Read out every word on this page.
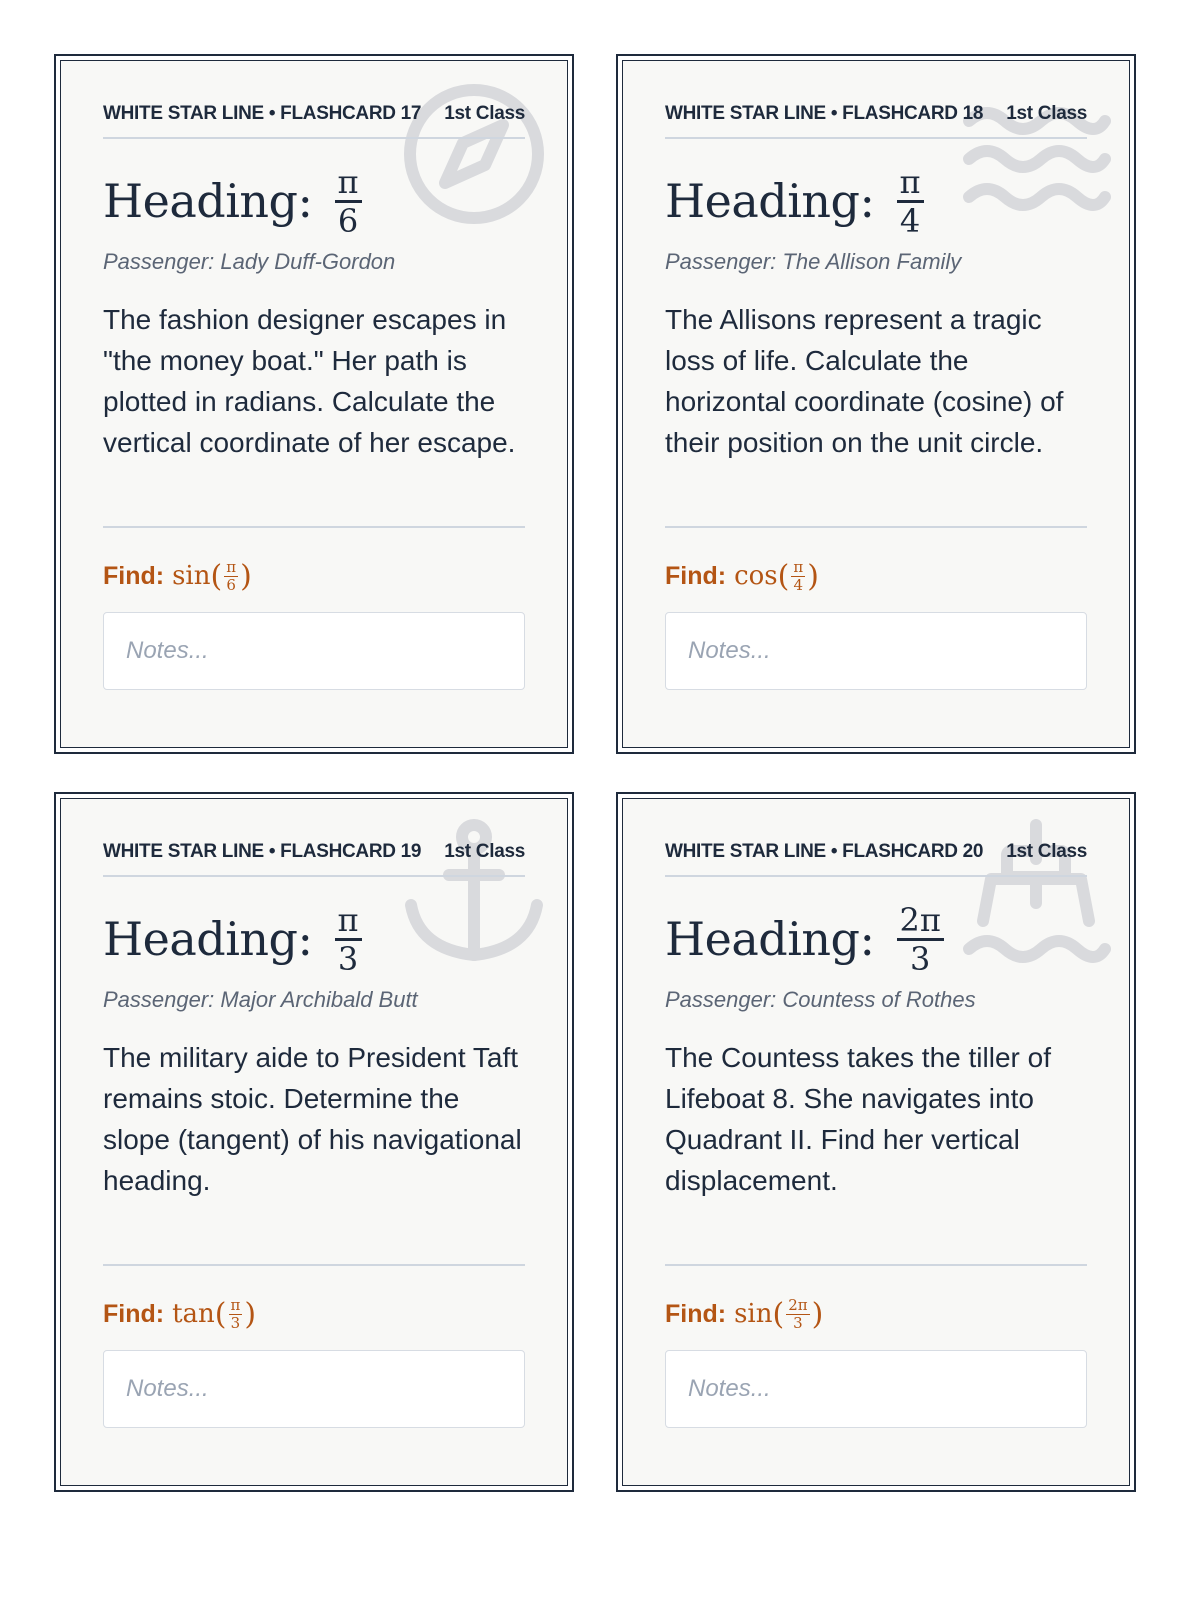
WHITE STAR LINE • FLASHCARD 17 1st Class
Heading: $\frac{\pi}{6}$
Passenger: Lady Duff-Gordon
The fashion designer escapes in "the money boat." Her path is plotted in radians. Calculate the vertical coordinate of her escape.
Find: sin ( $\frac{\pi}{6}$ )
Notes...
WHITE STAR LINE • FLASHCARD 18 1st Class
Heading: $\frac{\pi}{4}$
Passenger: The Allison Family
The Allisons represent a tragic loss of life. Calculate the horizontal coordinate (cosine) of their position on the unit circle.
Find: cos ( $\frac{\pi}{4}$ )
Notes...
WHITE STAR LINE • FLASHCARD 19 1st Class
Heading: $\frac{\pi}{3}$
Passenger: Major Archibald Butt
The military aide to President Taft remains stoic. Determine the slope (tangent) of his navigational heading.
Find: tan ( $\frac{\pi}{3}$ )
Notes...
WHITE STAR LINE • FLASHCARD 20 1st Class
Heading: $\frac{2\pi}{3}$
Passenger: Countess of Rothes
The Countess takes the tiller of Lifeboat 8. She navigates into Quadrant II. Find her vertical displacement.
Find: sin ( $\frac{2\pi}{3}$ )
Notes...
